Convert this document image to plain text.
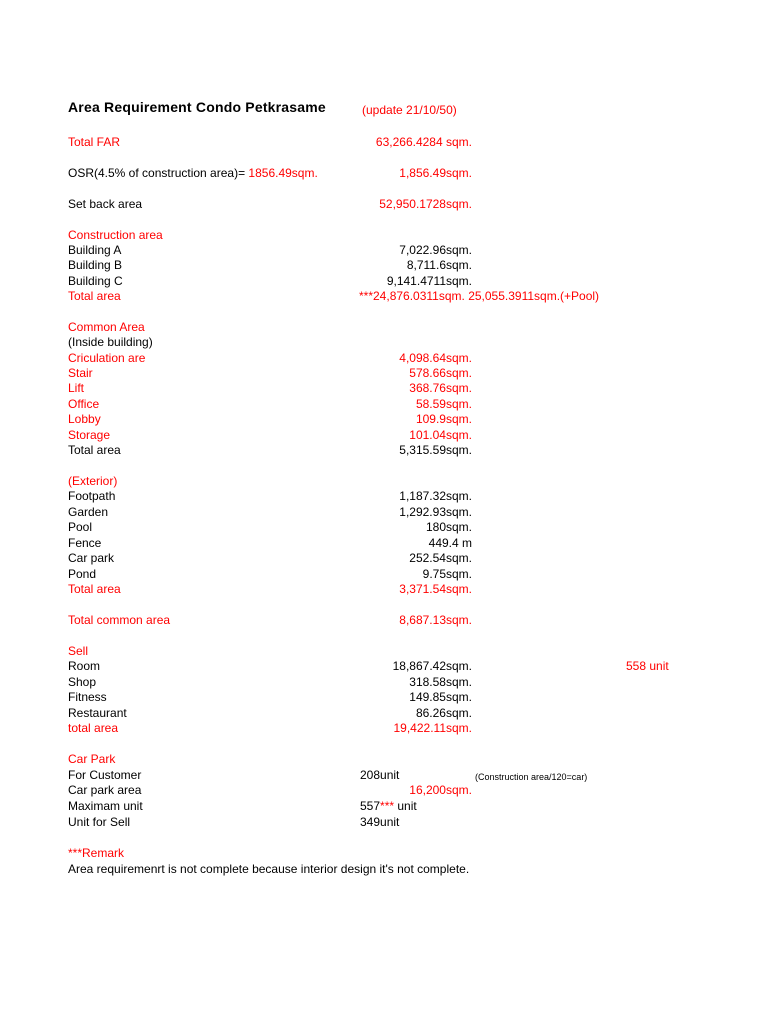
Area Requirement Condo Petkrasame	(update 21/10/50)
Total FAR	63,266.4284 sqm.
OSR(4.5% of construction area)= 1856.49sqm.	1,856.49sqm.
Set back area	52,950.1728sqm.
Construction area
Building A	7,022.96sqm.
Building B	8,711.6sqm.
Building C	9,141.4711sqm.
Total area	***24,876.0311sqm. 25,055.3911sqm.(+Pool)
Common Area
(Inside building)
Criculation are	4,098.64sqm.
Stair	578.66sqm.
Lift	368.76sqm.
Office	58.59sqm.
Lobby	109.9sqm.
Storage	101.04sqm.
Total area	5,315.59sqm.
(Exterior)
Footpath	1,187.32sqm.
Garden	1,292.93sqm.
Pool	180sqm.
Fence	449.4 m
Car park	252.54sqm.
Pond	9.75sqm.
Total area	3,371.54sqm.
Total common area	8,687.13sqm.
Sell
Room	18,867.42sqm.	558 unit
Shop	318.58sqm.
Fitness	149.85sqm.
Restaurant	86.26sqm.
total area	19,422.11sqm.
Car Park
For Customer	208unit	(Construction area/120=car)
Car park area	16,200sqm.
Maximam unit	557*** unit
Unit for Sell	349unit
***Remark
Area requiremenrt is not complete because interior design it's not complete.
